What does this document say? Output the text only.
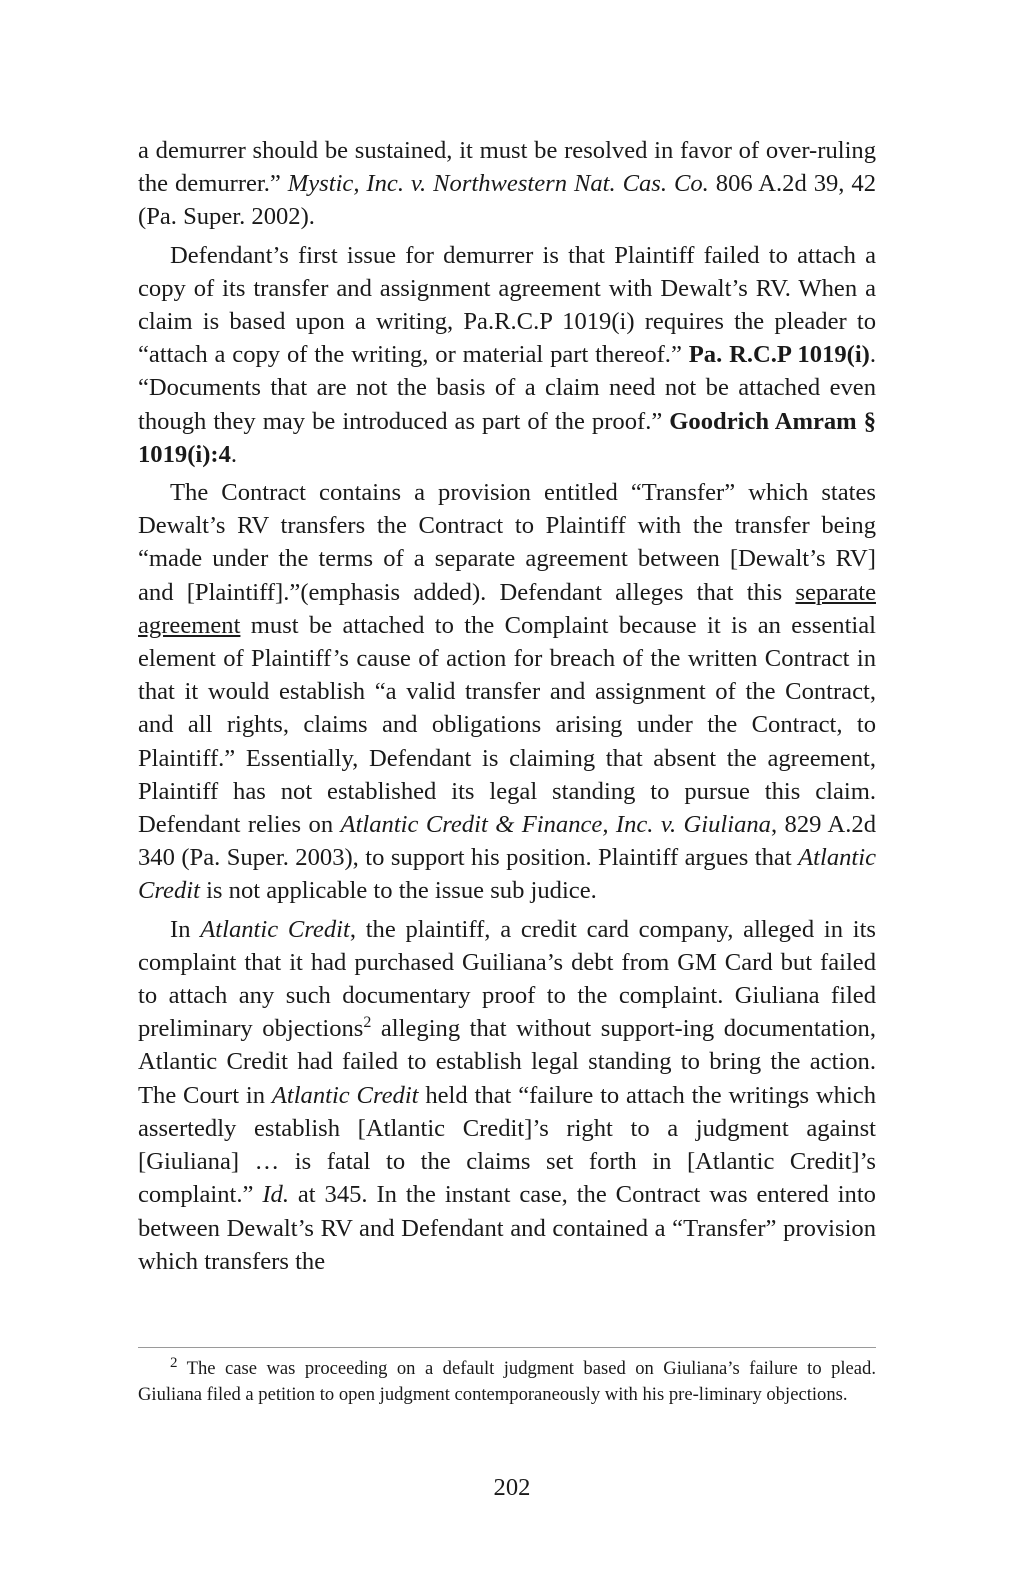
a demurrer should be sustained, it must be resolved in favor of over-ruling the demurrer.” Mystic, Inc. v. Northwestern Nat. Cas. Co. 806 A.2d 39, 42 (Pa. Super. 2002).

Defendant’s first issue for demurrer is that Plaintiff failed to attach a copy of its transfer and assignment agreement with Dewalt’s RV. When a claim is based upon a writing, Pa.R.C.P 1019(i) requires the pleader to “attach a copy of the writing, or material part thereof.” Pa. R.C.P 1019(i). “Documents that are not the basis of a claim need not be attached even though they may be introduced as part of the proof.” Goodrich Amram § 1019(i):4.

The Contract contains a provision entitled “Transfer” which states Dewalt’s RV transfers the Contract to Plaintiff with the transfer being “made under the terms of a separate agreement between [Dewalt’s RV] and [Plaintiff].”(emphasis added). Defendant alleges that this separate agreement must be attached to the Complaint because it is an essential element of Plaintiff’s cause of action for breach of the written Contract in that it would establish “a valid transfer and assignment of the Contract, and all rights, claims and obligations arising under the Contract, to Plaintiff.” Essentially, Defendant is claiming that absent the agreement, Plaintiff has not established its legal standing to pursue this claim. Defendant relies on Atlantic Credit & Finance, Inc. v. Giuliana, 829 A.2d 340 (Pa. Super. 2003), to support his position. Plaintiff argues that Atlantic Credit is not applicable to the issue sub judice.

In Atlantic Credit, the plaintiff, a credit card company, alleged in its complaint that it had purchased Guiliana’s debt from GM Card but failed to attach any such documentary proof to the complaint. Giuliana filed preliminary objections$^2$ alleging that without support-ing documentation, Atlantic Credit had failed to establish legal standing to bring the action. The Court in Atlantic Credit held that “failure to attach the writings which assertedly establish [Atlantic Credit]’s right to a judgment against [Giuliana] … is fatal to the claims set forth in [Atlantic Credit]’s complaint.” Id. at 345. In the instant case, the Contract was entered into between Dewalt’s RV and Defendant and contained a “Transfer” provision which transfers the

$^2$ The case was proceeding on a default judgment based on Giuliana’s failure to plead. Giuliana filed a petition to open judgment contemporaneously with his pre-liminary objections.

202
